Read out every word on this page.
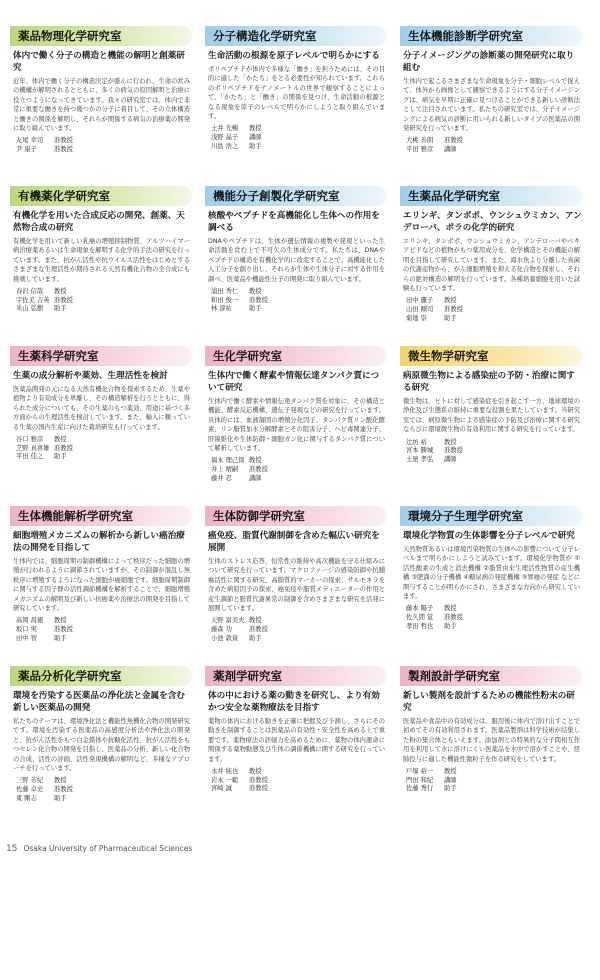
薬品物理化学研究室
体内で働く分子の構造と機能の解明と創薬研究
近年、体内で働く分子の構造決定が盛んに行われ、生命の営みの機構が解明されるとともに、多くの病気の原因解明と治療に役立つようになってきています。我々の研究室では、体内で非常に重要な働きを持つ幾つかの分子に着目して、その立体構造と働きの関係を解明し、それらが関係する病気の治療薬の開発に取り組んでいます。
友尾 幸司	准教授
尹 康子	准教授
分子構造化学研究室
生命活動の根源を原子レベルで明らかにする
ポリペプチドが体内で多様な「働き」を担うためには、その目的に適した「かたち」をとる必要性が知られています。これらのポリペプチドをナノメートルの世界で観察することによって、「かたち」と「働き」の関係を見つけ、生命活動の根源となる現象を原子のレベルで明らかにしようと取り組んでいます。
土井 光暢	教授
浅野 晶子	講師
川島 浩之	助手
生体機能診断学研究室
分子イメージングの診断薬の開発研究に取り組む
生体内で起こるさまざまな生命現象を分子・細胞レベルで捉えて、体外から画像として観察できるようにする分子イメージングは、病気を早期に正確に見つけることができる新しい診断法として注目されています。私たちの研究室では、分子イメージングによる病気の診断に用いられる新しいタイプの医薬品の開発研究を行っています。
大桃 善朗	准教授
平田 雅彦	講師
有機薬化学研究室
有機化学を用いた合成反応の開発、創薬、天然物合成の研究
有機化学を用いて新しい乳癌の増殖抑制物質、アルツハイマー病治療薬あるいは生命現象を解明する化学的手法の研究を行っています。また、抗がん活性や抗ウイルス活性をはじめとするさまざまな生理活性が期待される天然有機化合物の全合成にも挑戦しています。
春沢 信哉	教授
宇佐美 吉英 准教授
米山 弘樹	助手
機能分子創製化学研究室
核酸やペプチドを高機能化し生体への作用を調べる
DNAやペプチドは、生体が遺伝情報の複製や発現といった生命活動を営む上で不可欠の生体成分です。私たちは、DNAやペプチドの構造を有機化学的に改変することで、高機能化した人工分子を創り出し、それらが生体や生体分子に対する作用を調べ、医薬品や機能性分子の開発に取り組んでいます。
浦田 秀仁	教授
和田 俊一	准教授
林 淳祐	助手
生薬品化学研究室
エリンギ、タンポポ、ウンシュウミカン、アンデローバ、ポラの化学的研究
エリンギ、タンポポ、ウンシュウミカン、アンデローバやベキアピドなどの植物がもつ薬用成分を、化学構造とその機能の解明を目指して研究しています。また、海水魚より分離した真菌の代謝産物から、がん細胞増殖を抑える化合物を探索し、それらの絶対構造の解明を行っています。各種培養細胞を用いた試験も行っています。
田中 麗子	教授
山田 剛司	准教授
菊地 崇	助手
生薬科学研究室
生薬の成分解析や薬効、生理活性を検討
医薬品開発の元になる天然有機化合物を探索するため、生薬や植物より有効成分を単離し、その構造解析を行うとともに、得られた成分についても、その生薬のもつ薬効、用途に基づく多方面からの生理活性を検討しています。また、輸入に頼っている生薬の国内生産に向けた栽培研究も行っています。
谷口 雅彦	教授
芝野 真喜雄 准教授
平田 佳之	助手
生化学研究室
生体内で働く酵素や情報伝達タンパク質について研究
生体内で働く酵素や情報伝達タンパク質を対象に、その構造と機能、酵素反応機構、遺伝子発現などの研究を行っています。具体的には、血液凝固の増殖分化因子、タンパク質リン酸化酵素、リン脂質加水分解酵素とその阻害分子、ヘビ毒関連分子、肝線維化や生体防御・細胞ガン化に関与するタンパク質について解析しています。
福永 理己郎 教授
井上 晴嗣	准教授
藤井 忍	講師
微生物学研究室
病原微生物による感染症の予防・治療に関する研究
微生物は、ヒトに対して感染症を引き起こす一方、地球環境の浄化及び生態系の維持に重要な役割を果たしています。当研究室では、病原微生物による感染症の予防及び治療に関する研究ならびに環境微生物の有効利用に関する研究を行っています。
辻坊 裕	教授
宮本 勝城	准教授
土屋 孝弘	講師
生体機能解析学研究室
細胞増殖メカニズムの解析から新しい癌治療法の開発を目指して
生体内では、細胞周期の制御機構によって秩序だった細胞の増殖が行われるように調節されていますが、その制御が混乱し無秩序に増殖するようになった細胞が癌細胞です。細胞周期制御に関与する因子群の活性調節機構を解析することで、細胞増殖メカニズムの解明及び新しい抗癌薬や治療法の開発を目指して研究しています。
高岡 昌徳	教授
坂口 実	准教授
田中 智	助手
生体防御学研究室
癌免疫、脂質代謝制御を含めた幅広い研究を展開
生体のストレス応答、恒常性の維持や高次機能を守る仕組みについて研究を行っています。マクロファージの感染防御や抗腫瘍活性に関する研究、高脂質的マーカーの探索、サルモネラを含めた病原因子の探索、癌免疫や脂質メディエーターの作用と産生調節と脂質代謝異常の制御を含めさまざまな研究を活発に展開しています。
天野 富美夫 教授
藤森 功	准教授
小池 敦資	助手
環境分子生理学研究室
環境化学物質の生体影響を分子レベルで研究
天然物質あるいは環境汚染物質の生体への影響について分子レベルまで明らかにしようと試みています。環境化学物質が ①活性酸素の生成と消去機構 ②脂質由来生理活性物質の産生機構 ③肥満の分子機構 ④糖尿病の発症機構 ⑤胃癌の発症 などに関与することが明らかにされ、さまざまな方向から研究しています。
藤本 陽子	教授
佐久間 覚	准教授
孝田 哲也	助手
薬品分析化学研究室
環境を汚染する医薬品の浄化法と金属を含む新しい医薬品の開発
私たちのテーマは、環境浄化法と機能性無機化合物の開発研究です。環境を汚染する医薬品の高感度分析法や浄化法の開発と、抗がん活性をもつ白金錯体や抗糖化活性、抗がん活性をもつセレン化合物の開発を目指し、医薬品の分析、新しい化合物の合成、活性の評価、活性発現機構の解明など、多様なアプローチを行っています。
三野 芳紀	教授
佐藤 卓史	准教授
東 剛志	助手
薬剤学研究室
体の中における薬の動きを研究し、より有効かつ安全な薬物療法を目指す
薬物の体内における動きを正確に把握及び予測し、さらにその動きを制御することは医薬品の有効性・安全性を高める上で重要です。薬物療法の評価力を高めるために、薬物の体内運命に関係する薬物動態及び生体の調節機構に関する研究を行っています。
永井 純也	教授
岩永 一範	准教授
宮崎 誠	准教授
製剤設計学研究室
新しい製剤を設計するための機能性粉末の研究
医薬品や食品中の有効成分は、服用後に体内で溶け出すことで初めてその有効利用されます。医薬品製剤は科学技術が結集した粉の集合体ともいえます。添加剤との特異的な分子間相互作用を利用して水に溶けにくい医薬品を水中で溶かすことや、経肺投与に適した機能性微粒子を作る研究をしています。
戸塚 裕一	教授
門田 和紀	講師
佐藤 秀行	助手
15 Osaka University of Pharmaceutical Sciences
